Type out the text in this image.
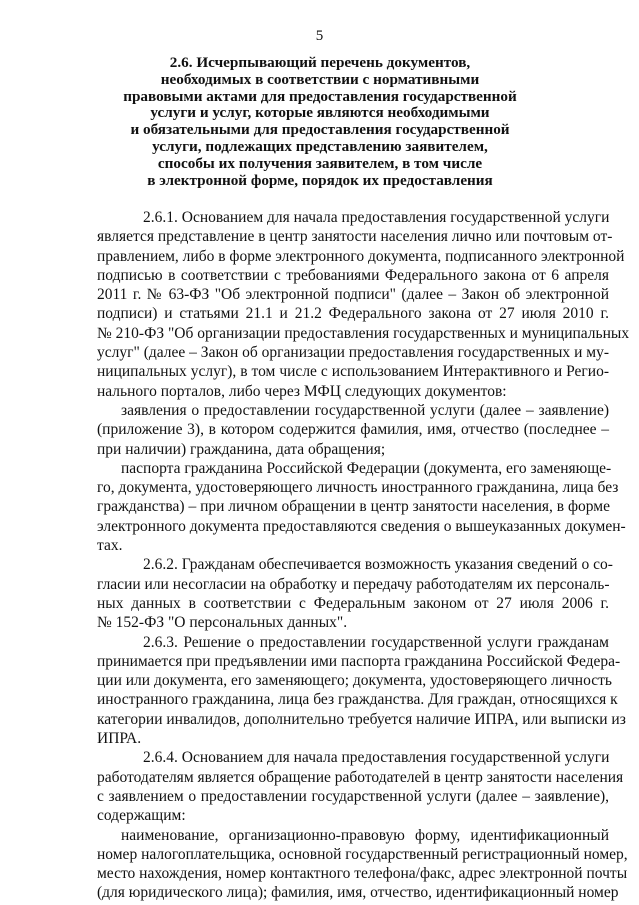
5
2.6. Исчерпывающий перечень документов,
необходимых в соответствии с нормативными
правовыми актами для предоставления государственной
услуги и услуг, которые являются необходимыми
и обязательными для предоставления государственной
услуги, подлежащих представлению заявителем,
способы их получения заявителем, в том числе
в электронной форме, порядок их предоставления
2.6.1. Основанием для начала предоставления государственной услуги
является представление в центр занятости населения лично или почтовым от-
правлением, либо в форме электронного документа, подписанного электронной
подписью в соответствии с требованиями Федерального закона от 6 апреля
2011 г. № 63-ФЗ "Об электронной подписи" (далее – Закон об электронной
подписи) и статьями 21.1 и 21.2 Федерального закона от 27 июля 2010 г.
№ 210-ФЗ "Об организации предоставления государственных и муниципальных
услуг" (далее – Закон об организации предоставления государственных и му-
ниципальных услуг), в том числе с использованием Интерактивного и Регио-
нального порталов, либо через МФЦ следующих документов:
заявления о предоставлении государственной услуги (далее – заявление)
(приложение 3), в котором содержится фамилия, имя, отчество (последнее –
при наличии) гражданина, дата обращения;
паспорта гражданина Российской Федерации (документа, его заменяюще-
го, документа, удостоверяющего личность иностранного гражданина, лица без
гражданства) – при личном обращении в центр занятости населения, в форме
электронного документа предоставляются сведения о вышеуказанных докумен-
тах.
2.6.2. Гражданам обеспечивается возможность указания сведений о со-
гласии или несогласии на обработку и передачу работодателям их персональ-
ных данных в соответствии с Федеральным законом от 27 июля 2006 г.
№ 152-ФЗ "О персональных данных".
2.6.3. Решение о предоставлении государственной услуги гражданам
принимается при предъявлении ими паспорта гражданина Российской Федера-
ции или документа, его заменяющего; документа, удостоверяющего личность
иностранного гражданина, лица без гражданства. Для граждан, относящихся к
категории инвалидов, дополнительно требуется наличие ИПРА, или выписки из
ИПРА.
2.6.4. Основанием для начала предоставления государственной услуги
работодателям является обращение работодателей в центр занятости населения
с заявлением о предоставлении государственной услуги (далее – заявление),
содержащим:
наименование, организационно-правовую форму, идентификационный
номер налогоплательщика, основной государственный регистрационный номер,
место нахождения, номер контактного телефона/факс, адрес электронной почты
(для юридического лица); фамилия, имя, отчество, идентификационный номер
